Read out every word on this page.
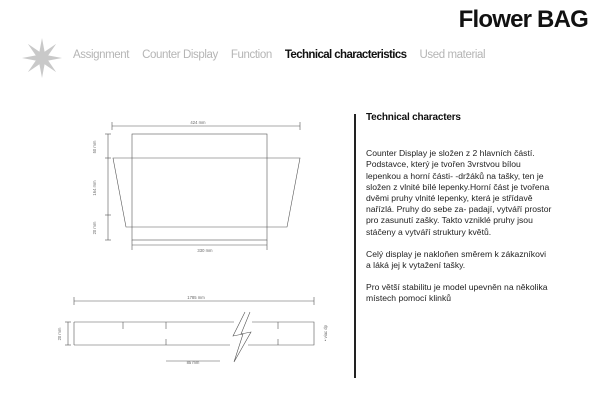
Flower BAG
Assignment Counter Display Function Technical characteristics Used material
424 mm
50 mm
164 mm
20 mm
330 mm
1785 mm
20 mm
85 mm
• viac dp
Technical characters

Counter Display je složen z 2 hlavních částí. Podstavce, který je tvořen 3vrstvou bílou lepenkou a horní části- -držáků na tašky, ten je složen z vlnité bílé lepenky.Horní část je tvořena dvěmi pruhy vlnité lepenky, která je střídavě nařízlá. Pruhy do sebe za- padají, vytváří prostor pro zasunutí zašky. Takto vzniklé pruhy jsou stáčeny a vytváří struktury květů.

Celý display je nakloňen směrem k zákazníkovi a láká jej k vytažení tašky.

Pro větší stabilitu je model upevněn na několika místech pomocí klinků
